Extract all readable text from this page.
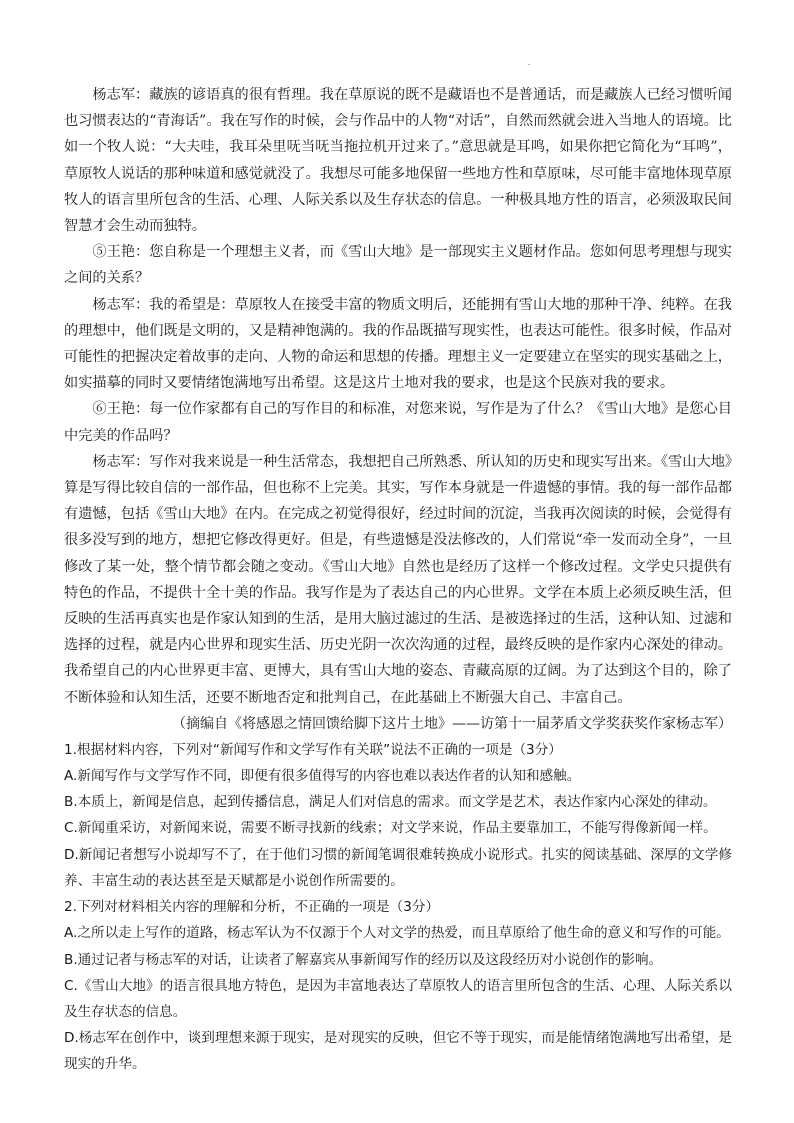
杨志军：藏族的谚语真的很有哲理。我在草原说的既不是藏语也不是普通话，而是藏族人已经习惯听闻也习惯表达的“青海话”。我在写作的时候，会与作品中的人物“对话”，自然而然就会进入当地人的语境。比如一个牧人说：“大夫哇，我耳朵里呒当呒当拖拉机开过来了。”意思就是耳鸣，如果你把它简化为“耳鸣”，草原牧人说话的那种味道和感觉就没了。我想尽可能多地保留一些地方性和草原味，尽可能丰富地体现草原牧人的语言里所包含的生活、心理、人际关系以及生存状态的信息。一种极具地方性的语言，必须汲取民间智慧才会生动而独特。

⑤王艳：您自称是一个理想主义者，而《雪山大地》是一部现实主义题材作品。您如何思考理想与现实之间的关系？

杨志军：我的希望是：草原牧人在接受丰富的物质文明后，还能拥有雪山大地的那种干净、纯粹。在我的理想中，他们既是文明的，又是精神饱满的。我的作品既描写现实性，也表达可能性。很多时候，作品对可能性的把握决定着故事的走向、人物的命运和思想的传播。理想主义一定要建立在坚实的现实基础之上，如实描摹的同时又要情绪饱满地写出希望。这是这片土地对我的要求，也是这个民族对我的要求。

⑥王艳：每一位作家都有自己的写作目的和标准，对您来说，写作是为了什么？《雪山大地》是您心目中完美的作品吗？

杨志军：写作对我来说是一种生活常态，我想把自己所熟悉、所认知的历史和现实写出来。《雪山大地》算是写得比较自信的一部作品，但也称不上完美。其实，写作本身就是一件遗憾的事情。我的每一部作品都有遗憾，包括《雪山大地》在内。在完成之初觉得很好，经过时间的沉淀，当我再次阅读的时候，会觉得有很多没写到的地方，想把它修改得更好。但是，有些遗憾是没法修改的，人们常说“牵一发而动全身”，一旦修改了某一处，整个情节都会随之变动。《雪山大地》自然也是经历了这样一个修改过程。文学史只提供有特色的作品，不提供十全十美的作品。我写作是为了表达自己的内心世界。文学在本质上必须反映生活，但反映的生活再真实也是作家认知到的生活，是用大脑过滤过的生活、是被选择过的生活，这种认知、过滤和选择的过程，就是内心世界和现实生活、历史光阴一次次沟通的过程，最终反映的是作家内心深处的律动。我希望自己的内心世界更丰富、更博大，具有雪山大地的姿态、青藏高原的辽阔。为了达到这个目的，除了不断体验和认知生活，还要不断地否定和批判自己，在此基础上不断强大自己、丰富自己。

（摘编自《将感恩之情回馈给脚下这片土地》——访第十一届茅盾文学奖获奖作家杨志军）

1.根据材料内容，下列对“新闻写作和文学写作有关联”说法不正确的一项是（3分）

A.新闻写作与文学写作不同，即便有很多值得写的内容也难以表达作者的认知和感触。

B.本质上，新闻是信息，起到传播信息，满足人们对信息的需求。而文学是艺术，表达作家内心深处的律动。

C.新闻重采访，对新闻来说，需要不断寻找新的线索；对文学来说，作品主要靠加工，不能写得像新闻一样。

D.新闻记者想写小说却写不了，在于他们习惯的新闻笔调很难转换成小说形式。扎实的阅读基础、深厚的文学修养、丰富生动的表达甚至是天赋都是小说创作所需要的。

2.下列对材料相关内容的理解和分析，不正确的一项是（3分）

A.之所以走上写作的道路，杨志军认为不仅源于个人对文学的热爱，而且草原给了他生命的意义和写作的可能。

B.通过记者与杨志军的对话，让读者了解嘉宾从事新闻写作的经历以及这段经历对小说创作的影响。

C.《雪山大地》的语言很具地方特色，是因为丰富地表达了草原牧人的语言里所包含的生活、心理、人际关系以及生存状态的信息。

D.杨志军在创作中，谈到理想来源于现实，是对现实的反映，但它不等于现实，而是能情绪饱满地写出希望，是现实的升华。
